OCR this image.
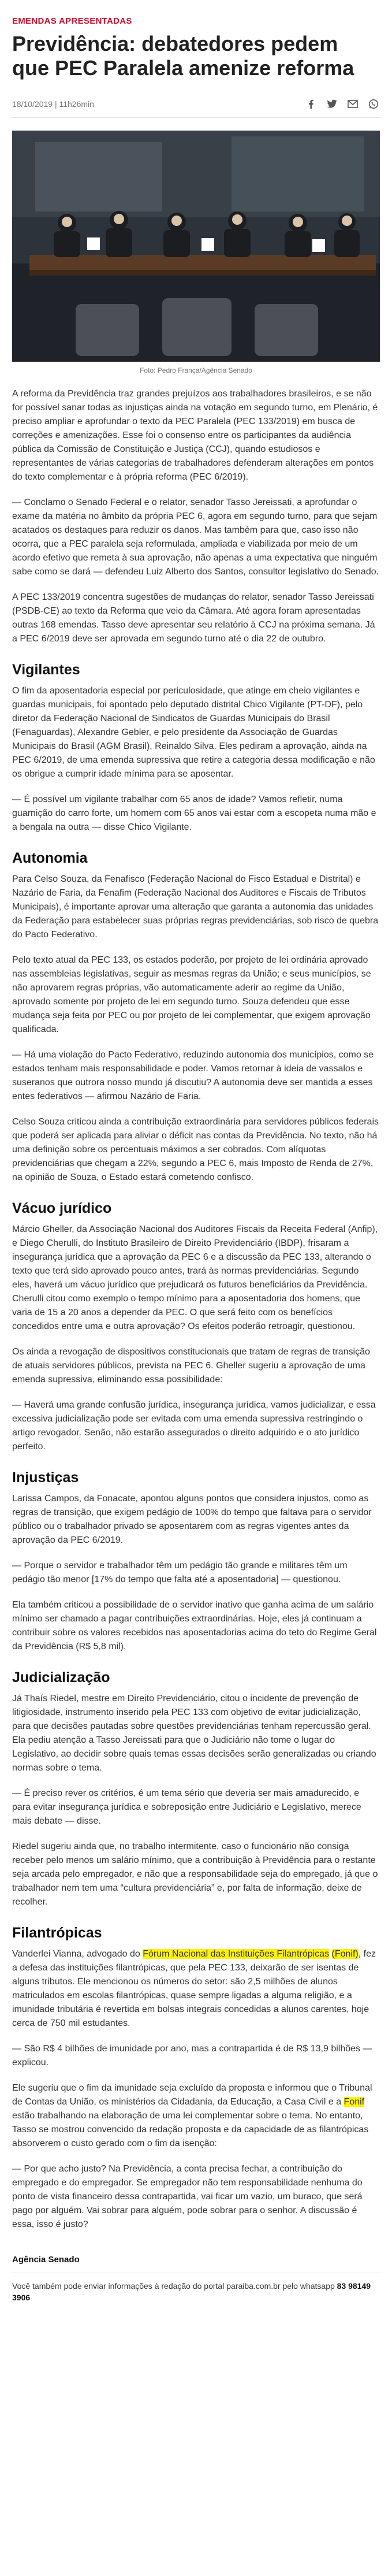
EMENDAS APRESENTADAS
Previdência: debatedores pedem que PEC Paralela amenize reforma
18/10/2019 | 11h26min
Foto: Pedro França/Agência Senado

A reforma da Previdência traz grandes prejuízos aos trabalhadores brasileiros, e se não for possível sanar todas as injustiças ainda na votação em segundo turno, em Plenário, é preciso ampliar e aprofundar o texto da PEC Paralela (PEC 133/2019) em busca de correções e amenizações. Esse foi o consenso entre os participantes da audiência pública da Comissão de Constituição e Justiça (CCJ), quando estudiosos e representantes de várias categorias de trabalhadores defenderam alterações em pontos do texto complementar e à própria reforma (PEC 6/2019).

— Conclamo o Senado Federal e o relator, senador Tasso Jereissati, a aprofundar o exame da matéria no âmbito da própria PEC 6, agora em segundo turno, para que sejam acatados os destaques para reduzir os danos. Mas também para que, caso isso não ocorra, que a PEC paralela seja reformulada, ampliada e viabilizada por meio de um acordo efetivo que remeta à sua aprovação, não apenas a uma expectativa que ninguém sabe como se dará — defendeu Luiz Alberto dos Santos, consultor legislativo do Senado.

A PEC 133/2019 concentra sugestões de mudanças do relator, senador Tasso Jereissati (PSDB-CE) ao texto da Reforma que veio da Câmara. Até agora foram apresentadas outras 168 emendas. Tasso deve apresentar seu relatório à CCJ na próxima semana. Já a PEC 6/2019 deve ser aprovada em segundo turno até o dia 22 de outubro.

Vigilantes

O fim da aposentadoria especial por periculosidade, que atinge em cheio vigilantes e guardas municipais, foi apontado pelo deputado distrital Chico Vigilante (PT-DF), pelo diretor da Federação Nacional de Sindicatos de Guardas Municipais do Brasil (Fenaguardas), Alexandre Gebler, e pelo presidente da Associação de Guardas Municipais do Brasil (AGM Brasil), Reinaldo Silva. Eles pediram a aprovação, ainda na PEC 6/2019, de uma emenda supressiva que retire a categoria dessa modificação e não os obrigue a cumprir idade mínima para se aposentar.

— É possível um vigilante trabalhar com 65 anos de idade? Vamos refletir, numa guarnição do carro forte, um homem com 65 anos vai estar com a escopeta numa mão e a bengala na outra — disse Chico Vigilante.

Autonomia

Para Celso Souza, da Fenafisco (Federação Nacional do Fisco Estadual e Distrital) e Nazário de Faria, da Fenafim (Federação Nacional dos Auditores e Fiscais de Tributos Municipais), é importante aprovar uma alteração que garanta a autonomia das unidades da Federação para estabelecer suas próprias regras previdenciárias, sob risco de quebra do Pacto Federativo.

Pelo texto atual da PEC 133, os estados poderão, por projeto de lei ordinária aprovado nas assembleias legislativas, seguir as mesmas regras da União; e seus municípios, se não aprovarem regras próprias, vão automaticamente aderir ao regime da União, aprovado somente por projeto de lei em segundo turno. Souza defendeu que esse mudança seja feita por PEC ou por projeto de lei complementar, que exigem aprovação qualificada.

— Há uma violação do Pacto Federativo, reduzindo autonomia dos municípios, como se estados tenham mais responsabilidade e poder. Vamos retornar à ideia de vassalos e suseranos que outrora nosso mundo já discutiu? A autonomia deve ser mantida a esses entes federativos — afirmou Nazário de Faria.

Celso Souza criticou ainda a contribuição extraordinária para servidores públicos federais que poderá ser aplicada para aliviar o déficit nas contas da Previdência. No texto, não há uma definição sobre os percentuais máximos a ser cobrados. Com alíquotas previdenciárias que chegam a 22%, segundo a PEC 6, mais Imposto de Renda de 27%, na opinião de Souza, o Estado estará cometendo confisco.

Vácuo jurídico

Márcio Gheller, da Associação Nacional dos Auditores Fiscais da Receita Federal (Anfip), e Diego Cherulli, do Instituto Brasileiro de Direito Previdenciário (IBDP), frisaram a insegurança jurídica que a aprovação da PEC 6 e a discussão da PEC 133, alterando o texto que terá sido aprovado pouco antes, trará às normas previdenciárias. Segundo eles, haverá um vácuo jurídico que prejudicará os futuros beneficiários da Previdência. Cherulli citou como exemplo o tempo mínimo para a aposentadoria dos homens, que varia de 15 a 20 anos a depender da PEC. O que será feito com os benefícios concedidos entre uma e outra aprovação? Os efeitos poderão retroagir, questionou.

Os ainda a revogação de dispositivos constitucionais que tratam de regras de transição de atuais servidores públicos, prevista na PEC 6. Gheller sugeriu a aprovação de uma emenda supressiva, eliminando essa possibilidade:

— Haverá uma grande confusão jurídica, insegurança jurídica, vamos judicializar, e essa excessiva judicialização pode ser evitada com uma emenda supressiva restringindo o artigo revogador. Senão, não estarão assegurados o direito adquirido e o ato jurídico perfeito.

Injustiças

Larissa Campos, da Fonacate, apontou alguns pontos que considera injustos, como as regras de transição, que exigem pedágio de 100% do tempo que faltava para o servidor público ou o trabalhador privado se aposentarem com as regras vigentes antes da aprovação da PEC 6/2019.

— Porque o servidor e trabalhador têm um pedágio tão grande e militares têm um pedágio tão menor [17% do tempo que falta até a aposentadoria] — questionou.

Ela também criticou a possibilidade de o servidor inativo que ganha acima de um salário mínimo ser chamado a pagar contribuições extraordinárias. Hoje, eles já continuam a contribuir sobre os valores recebidos nas aposentadorias acima do teto do Regime Geral da Previdência (R$ 5,8 mil).

Judicialização

Já Thaís Riedel, mestre em Direito Previdenciário, citou o incidente de prevenção de litigiosidade, instrumento inserido pela PEC 133 com objetivo de evitar judicialização, para que decisões pautadas sobre questões previdenciárias tenham repercussão geral. Ela pediu atenção a Tasso Jereissati para que o Judiciário não tome o lugar do Legislativo, ao decidir sobre quais temas essas decisões serão generalizadas ou criando normas sobre o tema.

— É preciso rever os critérios, é um tema sério que deveria ser mais amadurecido, e para evitar insegurança jurídica e sobreposição entre Judiciário e Legislativo, merece mais debate — disse.

Riedel sugeriu ainda que, no trabalho intermitente, caso o funcionário não consiga receber pelo menos um salário mínimo, que a contribuição à Previdência para o restante seja arcada pelo empregador, e não que a responsabilidade seja do empregado, já que o trabalhador nem tem uma “cultura previdenciária” e, por falta de informação, deixe de recolher.

Filantrópicas

Vanderlei Vianna, advogado do Fórum Nacional das Instituições Filantrópicas (Fonif), fez a defesa das instituições filantrópicas, que pela PEC 133, deixarão de ser isentas de alguns tributos. Ele mencionou os números do setor: são 2,5 milhões de alunos matriculados em escolas filantrópicas, quase sempre ligadas a alguma religião, e a imunidade tributária é revertida em bolsas integrais concedidas a alunos carentes, hoje cerca de 750 mil estudantes.

— São R$ 4 bilhões de imunidade por ano, mas a contrapartida é de R$ 13,9 bilhões — explicou.

Ele sugeriu que o fim da imunidade seja excluído da proposta e informou que o Tribunal de Contas da União, os ministérios da Cidadania, da Educação, a Casa Civil e a Fonif estão trabalhando na elaboração de uma lei complementar sobre o tema. No entanto, Tasso se mostrou convencido da redação proposta e da capacidade de as filantrópicas absorverem o custo gerado com o fim da isenção:

— Por que acho justo? Na Previdência, a conta precisa fechar, a contribuição do empregado e do empregador. Se empregador não tem responsabilidade nenhuma do ponto de vista financeiro dessa contrapartida, vai ficar um vazio, um buraco, que será pago por alguém. Vai sobrar para alguém, pode sobrar para o senhor. A discussão é essa, isso é justo?

Agência Senado
Você também pode enviar informações à redação do portal paraiba.com.br pelo whatsapp 83 98149 3906
